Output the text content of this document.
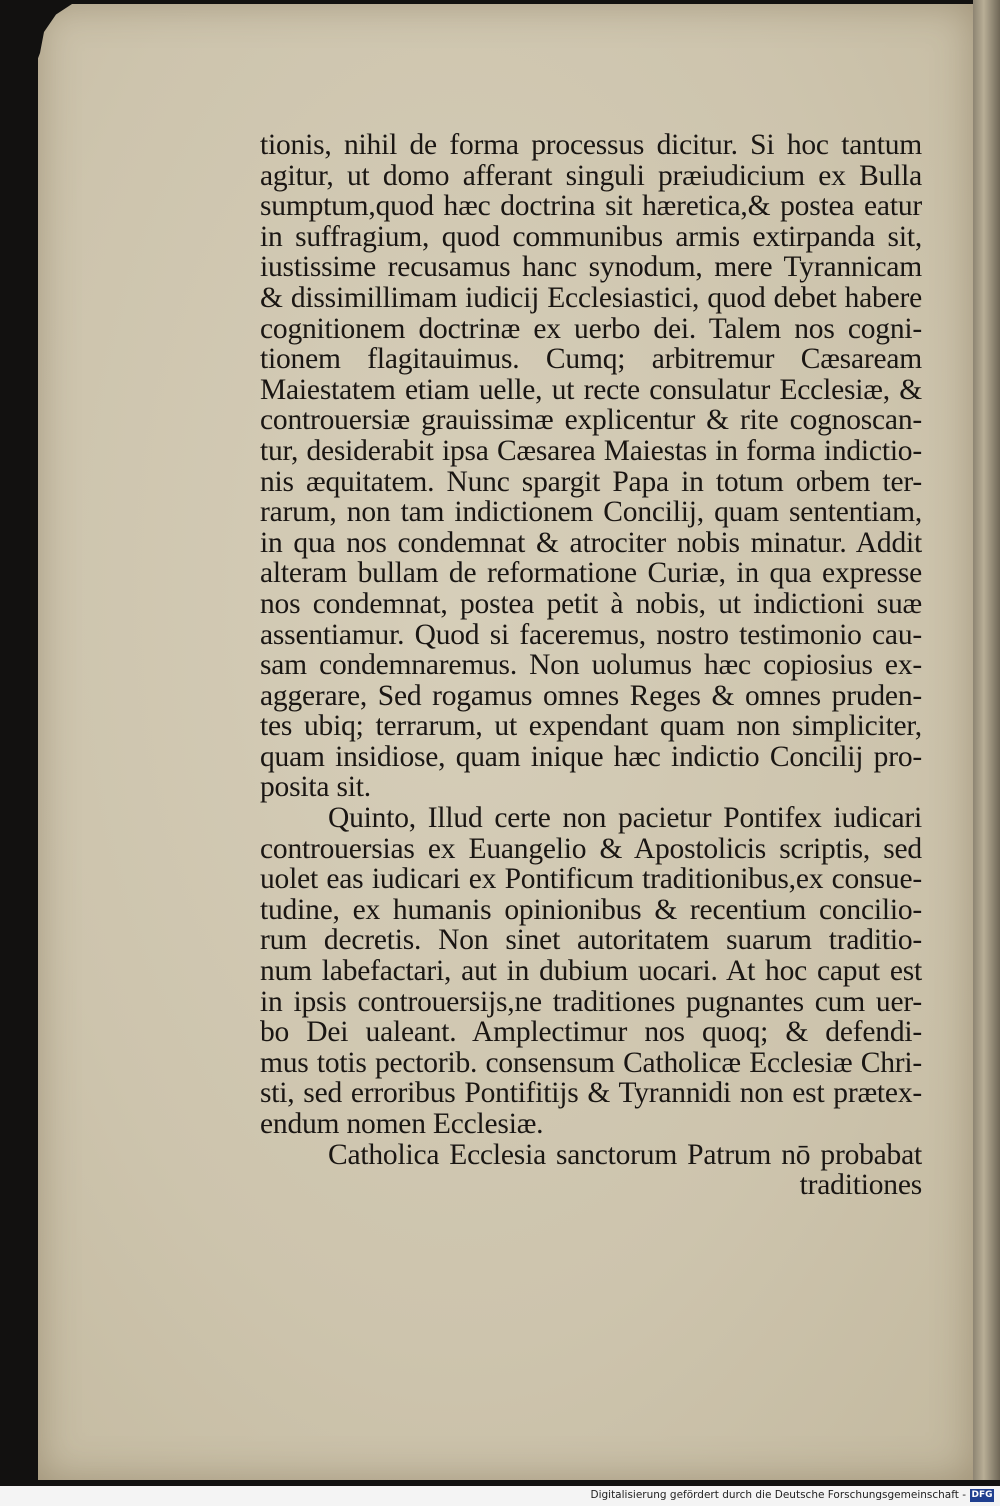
tionis, nihil de forma processus dicitur. Si hoc tantum
agitur, ut domo afferant singuli præiudicium ex Bulla
sumptum,quod hæc doctrina sit hæretica,& postea eatur
in suffragium, quod communibus armis extirpanda sit,
iustissime recusamus hanc synodum, mere Tyrannicam
& dissimillimam iudicij Ecclesiastici, quod debet habere
cognitionem doctrinæ ex uerbo dei. Talem nos cogni-
tionem flagitauimus. Cumq; arbitremur Cæsaream
Maiestatem etiam uelle, ut recte consulatur Ecclesiæ, &
controuersiæ grauissimæ explicentur & rite cognoscan-
tur, desiderabit ipsa Cæsarea Maiestas in forma indictio-
nis æquitatem. Nunc spargit Papa in totum orbem ter-
rarum, non tam indictionem Concilij, quam sententiam,
in qua nos condemnat & atrociter nobis minatur. Addit
alteram bullam de reformatione Curiæ, in qua expresse
nos condemnat, postea petit à nobis, ut indictioni suæ
assentiamur. Quod si faceremus, nostro testimonio cau-
sam condemnaremus. Non uolumus hæc copiosius ex-
aggerare, Sed rogamus omnes Reges & omnes pruden-
tes ubiq; terrarum, ut expendant quam non simpliciter,
quam insidiose, quam inique hæc indictio Concilij pro-
posita sit.
Quinto, Illud certe non pacietur Pontifex iudicari
controuersias ex Euangelio & Apostolicis scriptis, sed
uolet eas iudicari ex Pontificum traditionibus,ex consue-
tudine, ex humanis opinionibus & recentium concilio-
rum decretis. Non sinet autoritatem suarum traditio-
num labefactari, aut in dubium uocari. At hoc caput est
in ipsis controuersijs,ne traditiones pugnantes cum uer-
bo Dei ualeant. Amplectimur nos quoq; & defendi-
mus totis pectorib. consensum Catholicæ Ecclesiæ Chri-
sti, sed erroribus Pontifitijs & Tyrannidi non est prætex-
endum nomen Ecclesiæ.
Catholica Ecclesia sanctorum Patrum nō probabat
traditiones
Digitalisierung gefördert durch die Deutsche Forschungsgemeinschaft - DFG
